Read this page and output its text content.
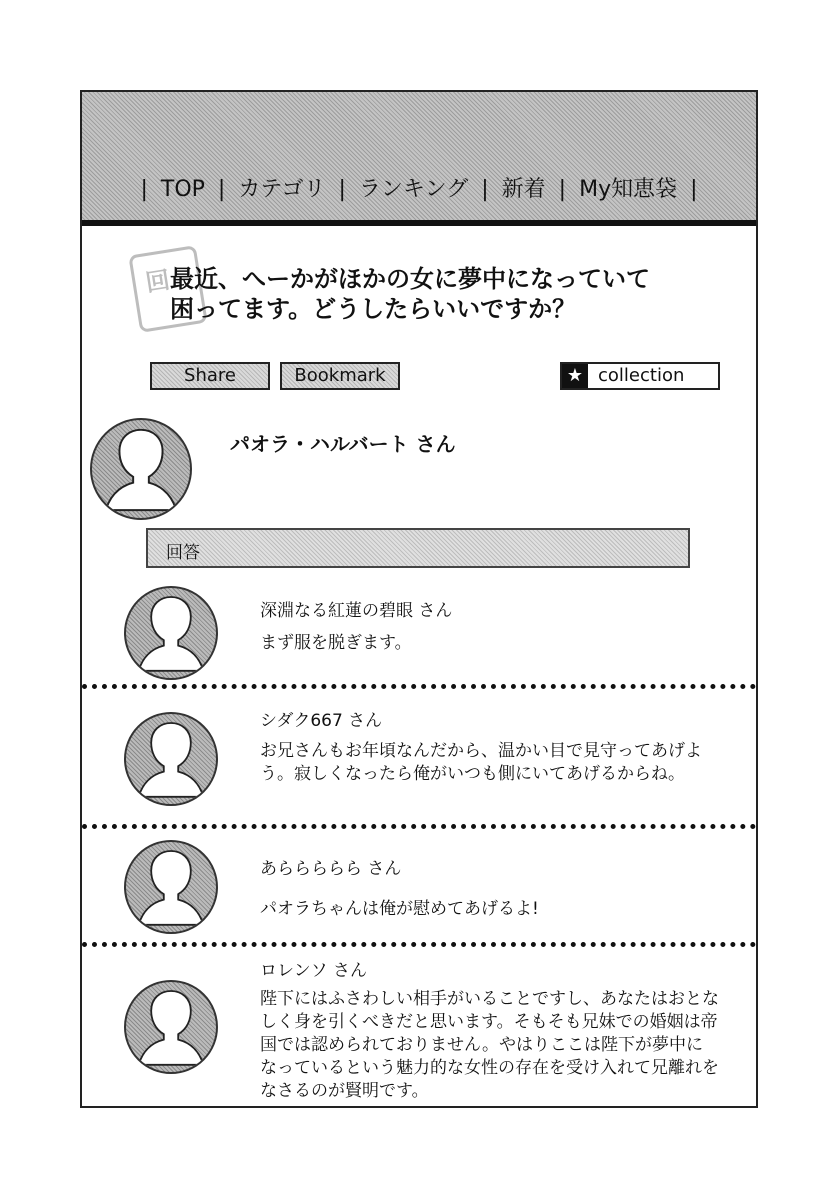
| TOP | カテゴリ | ランキング | 新着 | My知恵袋 |
回
最近、へーかがほかの女に夢中になっていて困ってます。どうしたらいいですか？
Share	Bookmark	★ collection
パオラ・ハルバート さん
回答
深淵なる紅蓮の碧眼 さん
まず服を脱ぎます。
シダク667 さん
お兄さんもお年頃なんだから、温かい目で見守ってあげよう。寂しくなったら俺がいつも側にいてあげるからね。
あららららら さん
パオラちゃんは俺が慰めてあげるよ!
ロレンソ さん
陛下にはふさわしい相手がいることですし、あなたはおとなしく身を引くべきだと思います。そもそも兄妹での婚姻は帝国では認められておりません。やはりここは陛下が夢中になっているという魅力的な女性の存在を受け入れて兄離れをなさるのが賢明です。
